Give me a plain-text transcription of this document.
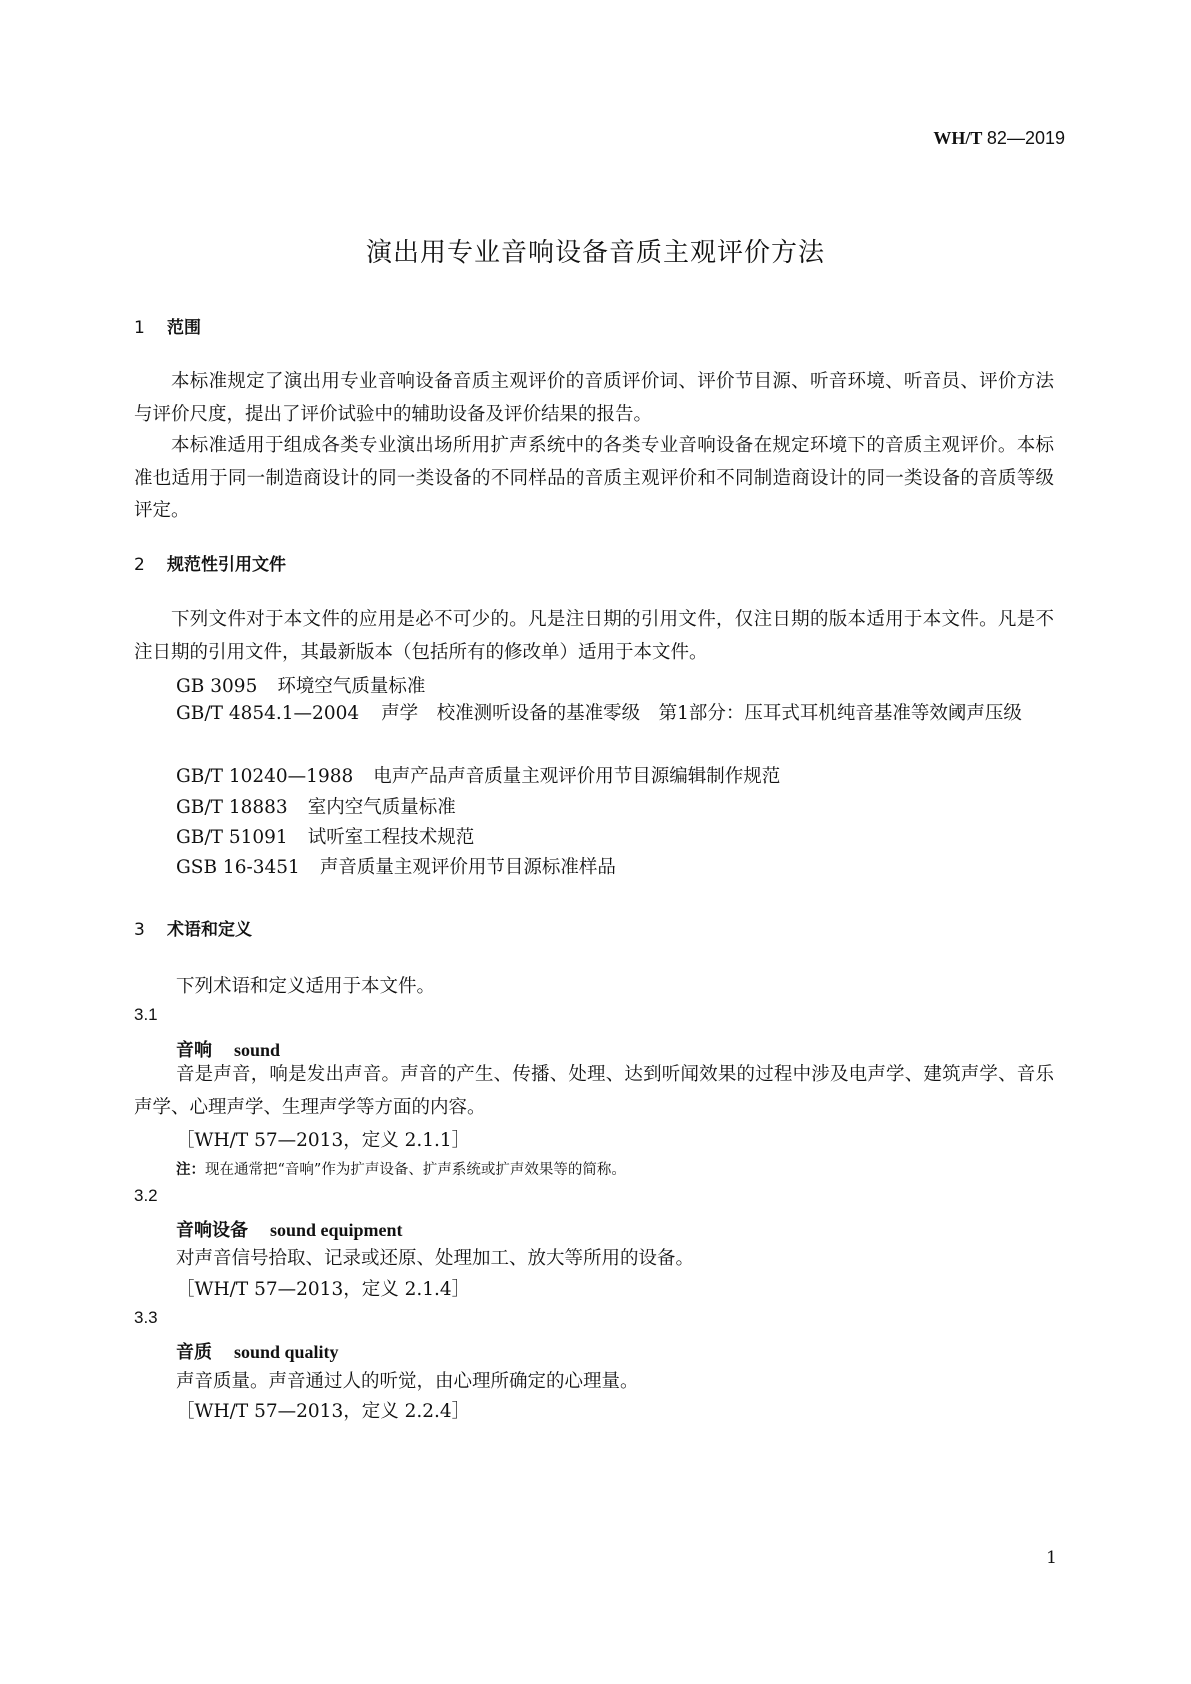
WH/T 82—2019
演出用专业音响设备音质主观评价方法
1 范围

本标准规定了演出用专业音响设备音质主观评价的音质评价词、评价节目源、听音环境、听音员、评价方法与评价尺度，提出了评价试验中的辅助设备及评价结果的报告。

本标准适用于组成各类专业演出场所用扩声系统中的各类专业音响设备在规定环境下的音质主观评价。本标准也适用于同一制造商设计的同一类设备的不同样品的音质主观评价和不同制造商设计的同一类设备的音质等级评定。

2 规范性引用文件

下列文件对于本文件的应用是必不可少的。凡是注日期的引用文件，仅注日期的版本适用于本文件。凡是不注日期的引用文件，其最新版本（包括所有的修改单）适用于本文件。

GB 3095 环境空气质量标准

GB/T 4854.1—2004 声学　校准测听设备的基准零级　第1部分：压耳式耳机纯音基准等效阈声压级

GB/T 10240—1988 电声产品声音质量主观评价用节目源编辑制作规范
GB/T 18883 室内空气质量标准
GB/T 51091 试听室工程技术规范
GSB 16-3451 声音质量主观评价用节目源标准样品
3 术语和定义
下列术语和定义适用于本文件。
3.1
音响 sound

音是声音，响是发出声音。声音的产生、传播、处理、达到听闻效果的过程中涉及电声学、建筑声学、音乐声学、心理声学、生理声学等方面的内容。

［WH/T 57—2013，定义 2.1.1］
注：现在通常把“音响”作为扩声设备、扩声系统或扩声效果等的简称。
3.2
音响设备 sound equipment
对声音信号拾取、记录或还原、处理加工、放大等所用的设备。
［WH/T 57—2013，定义 2.1.4］
3.3
音质 sound quality
声音质量。声音通过人的听觉，由心理所确定的心理量。
［WH/T 57—2013，定义 2.2.4］
1
